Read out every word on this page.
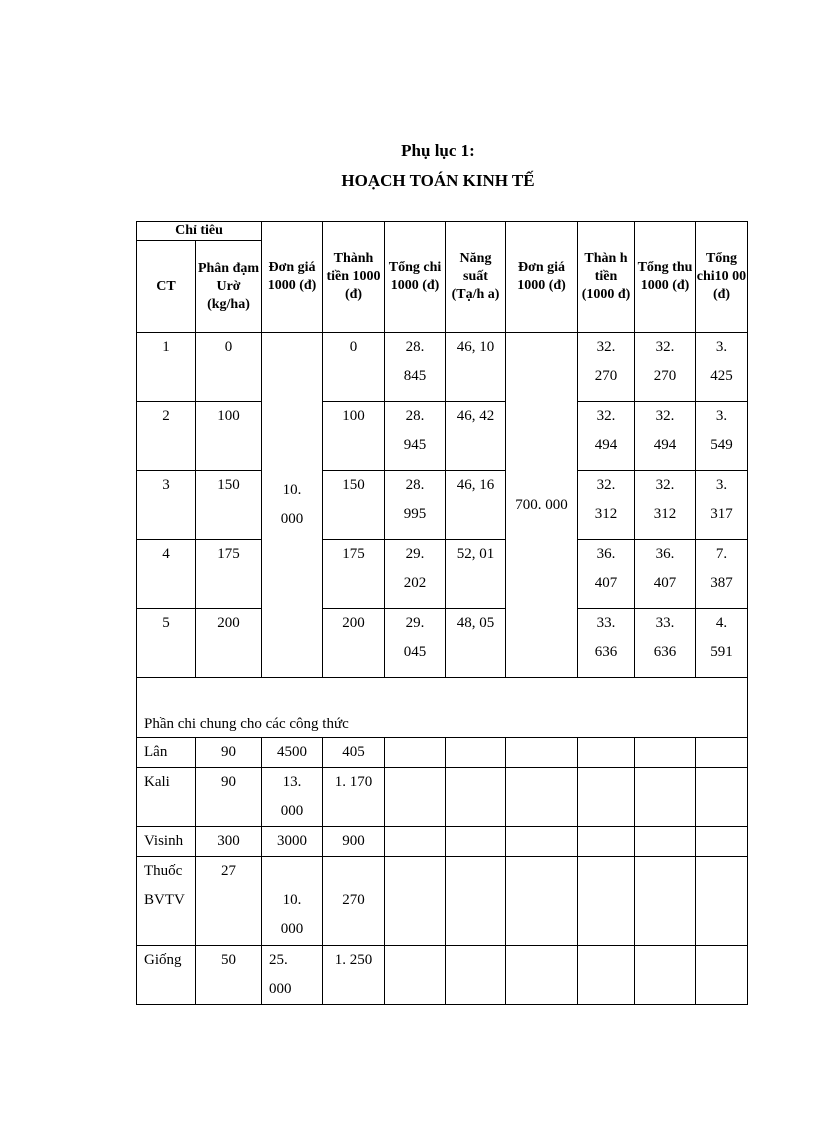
Phụ lục 1:
HOẠCH TOÁN KINH TẾ
Chỉ tiêu		Đơn giá 1000 (đ)	Thành tiền 1000 (đ)	Tổng chi 1000 (đ)	Năng suất (Tạ/h a)	Đơn giá 1000 (đ)	Thàn h tiền (1000 đ)	Tổng thu 1000 (đ)	Tổng chi10 00 (đ)
CT	Phân đạm Urờ (kg/ha)								
1	0	10. 000	0	28. 845	46, 10	700. 000	32. 270	32. 270	3. 425

2	100		100	28. 945	46, 42		32. 494	32. 494	3. 549

3	150		150	28. 995	46, 16		32. 312	32. 312	3. 317

4	175		175	29. 202	52, 01		36. 407	36. 407	7. 387

5	200		200	29. 045	48, 05		33. 636	33. 636	4. 591

Phần chi chung cho các công thức									
Lân	90	4500	405						
Kali	90	13. 000	1. 170						
Visinh	300	3000	900						

Thuốc BVTV	27	10. 000	270						
Giống	50	25. 000	1. 250						
